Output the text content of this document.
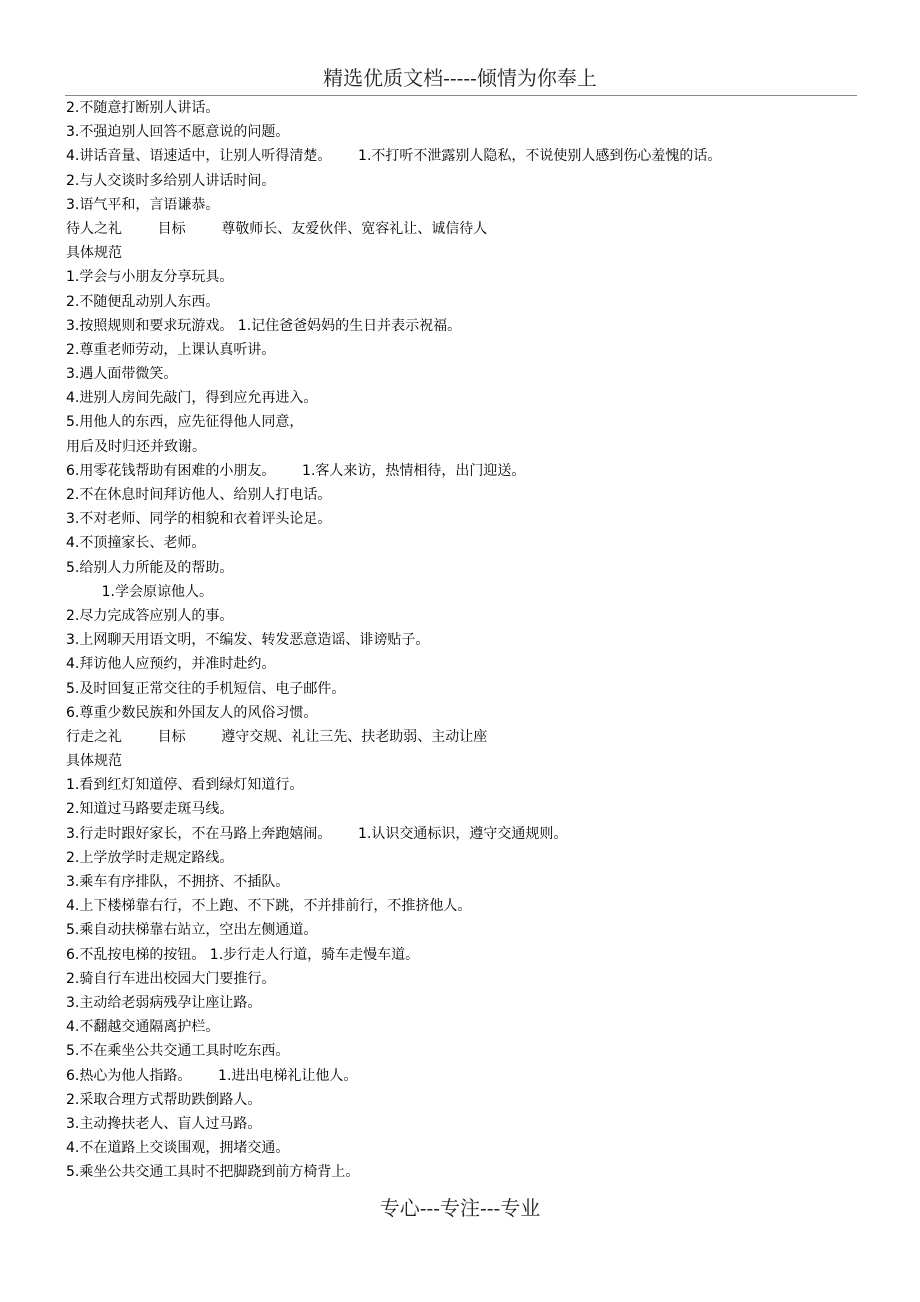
精选优质文档-----倾情为你奉上
2.不随意打断别人讲话。
3.不强迫别人回答不愿意说的问题。
4.讲话音量、语速适中，让别人听得清楚。      1.不打听不泄露别人隐私，不说使别人感到伤心羞愧的话。
2.与人交谈时多给别人讲话时间。
3.语气平和，言语谦恭。
待人之礼        目标        尊敬师长、友爱伙伴、宽容礼让、诚信待人
具体规范
1.学会与小朋友分享玩具。
2.不随便乱动别人东西。
3.按照规则和要求玩游戏。 1.记住爸爸妈妈的生日并表示祝福。
2.尊重老师劳动，上课认真听讲。
3.遇人面带微笑。
4.进别人房间先敲门，得到应允再进入。
5.用他人的东西，应先征得他人同意，
用后及时归还并致谢。
6.用零花钱帮助有困难的小朋友。      1.客人来访，热情相待，出门迎送。
2.不在休息时间拜访他人、给别人打电话。
3.不对老师、同学的相貌和衣着评头论足。
4.不顶撞家长、老师。
5.给别人力所能及的帮助。
1.学会原谅他人。
2.尽力完成答应别人的事。
3.上网聊天用语文明，不编发、转发恶意造谣、诽谤贴子。
4.拜访他人应预约，并准时赴约。
5.及时回复正常交往的手机短信、电子邮件。
6.尊重少数民族和外国友人的风俗习惯。
行走之礼        目标        遵守交规、礼让三先、扶老助弱、主动让座
具体规范
1.看到红灯知道停、看到绿灯知道行。
2.知道过马路要走斑马线。
3.行走时跟好家长，不在马路上奔跑嬉闹。      1.认识交通标识，遵守交通规则。
2.上学放学时走规定路线。
3.乘车有序排队，不拥挤、不插队。
4.上下楼梯靠右行，不上跑、不下跳，不并排前行，不推挤他人。
5.乘自动扶梯靠右站立，空出左侧通道。
6.不乱按电梯的按钮。 1.步行走人行道，骑车走慢车道。
2.骑自行车进出校园大门要推行。
3.主动给老弱病残孕让座让路。
4.不翻越交通隔离护栏。
5.不在乘坐公共交通工具时吃东西。
6.热心为他人指路。      1.进出电梯礼让他人。
2.采取合理方式帮助跌倒路人。
3.主动搀扶老人、盲人过马路。
4.不在道路上交谈围观，拥堵交通。
5.乘坐公共交通工具时不把脚跷到前方椅背上。
专心---专注---专业
